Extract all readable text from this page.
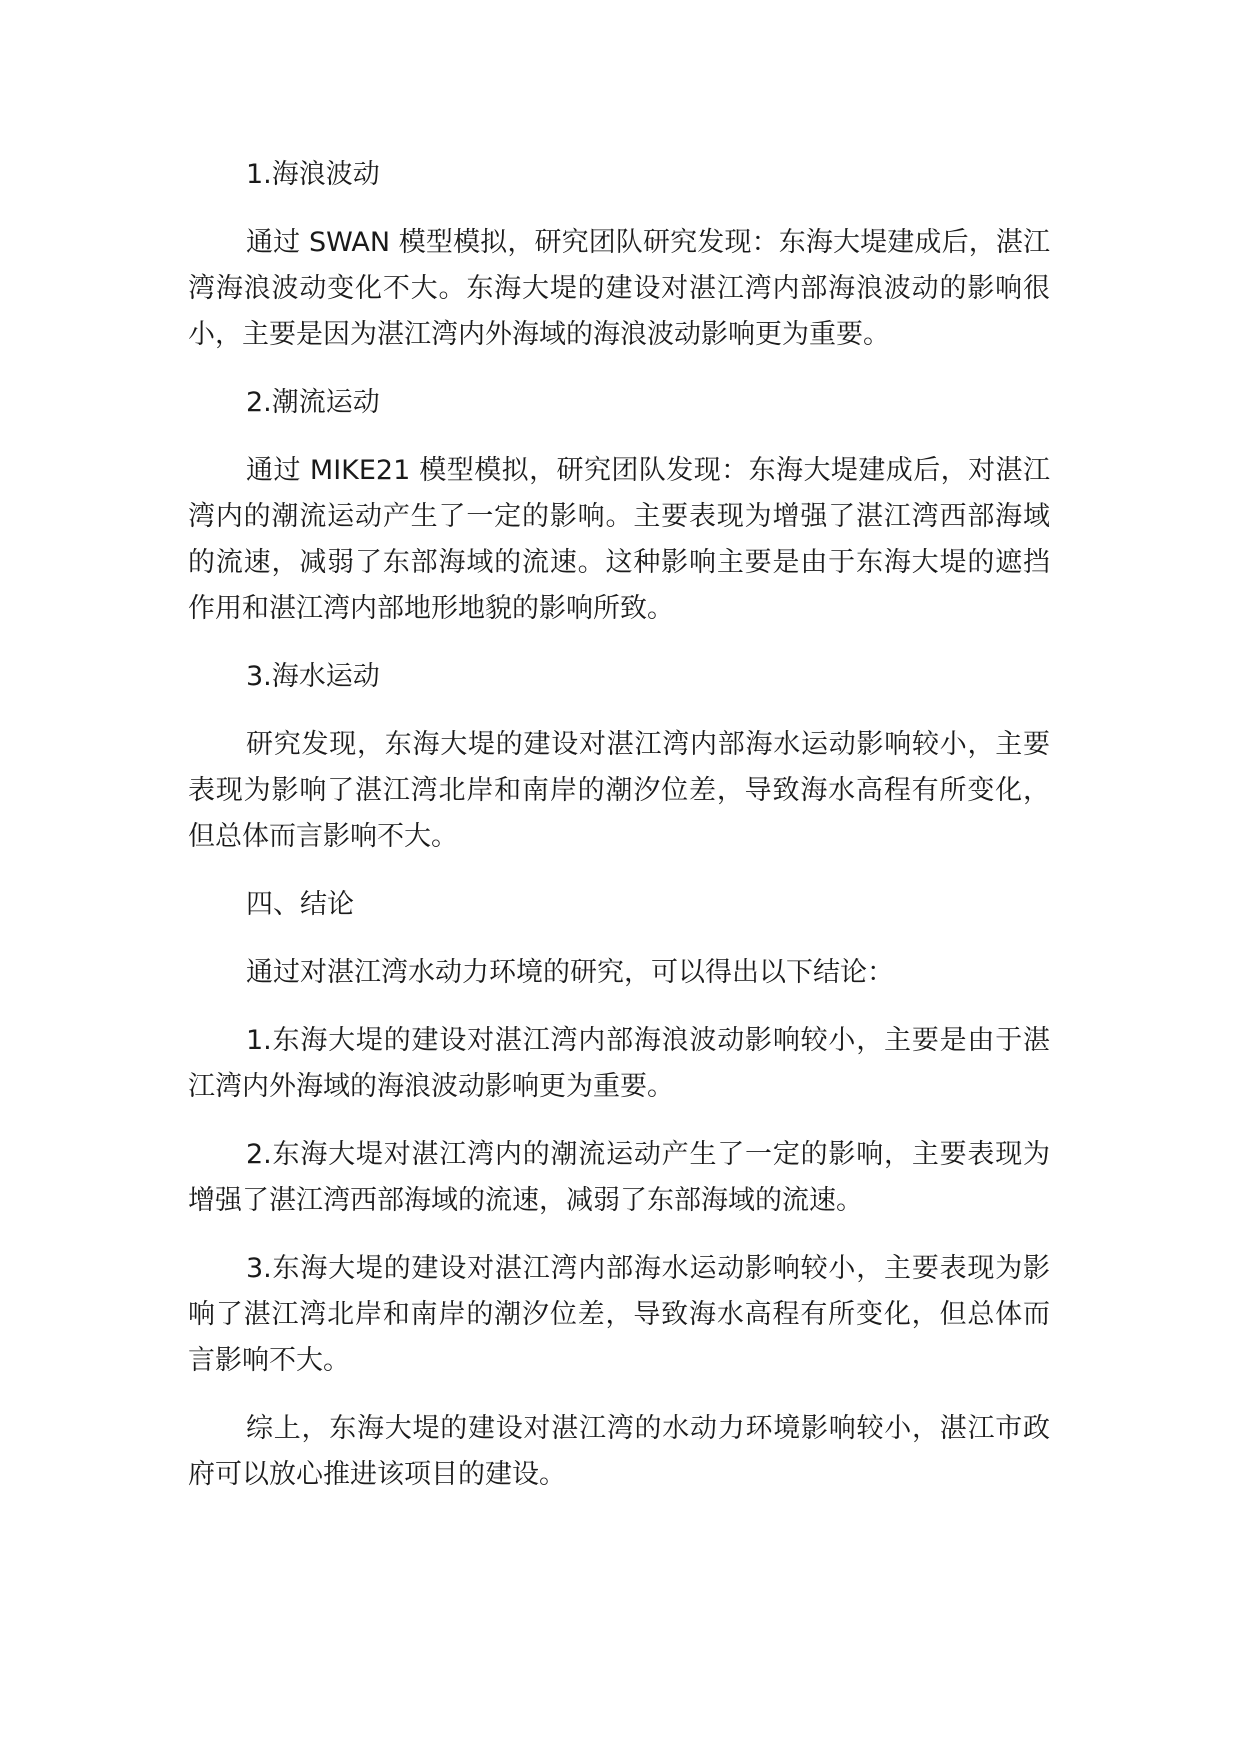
1.海浪波动

通过 SWAN 模型模拟，研究团队研究发现：东海大堤建成后，湛江湾海浪波动变化不大。东海大堤的建设对湛江湾内部海浪波动的影响很小，主要是因为湛江湾内外海域的海浪波动影响更为重要。

2.潮流运动

通过 MIKE21 模型模拟，研究团队发现：东海大堤建成后，对湛江湾内的潮流运动产生了一定的影响。主要表现为增强了湛江湾西部海域的流速，减弱了东部海域的流速。这种影响主要是由于东海大堤的遮挡作用和湛江湾内部地形地貌的影响所致。

3.海水运动

研究发现，东海大堤的建设对湛江湾内部海水运动影响较小，主要表现为影响了湛江湾北岸和南岸的潮汐位差，导致海水高程有所变化，但总体而言影响不大。

四、结论

通过对湛江湾水动力环境的研究，可以得出以下结论：

1.东海大堤的建设对湛江湾内部海浪波动影响较小，主要是由于湛江湾内外海域的海浪波动影响更为重要。

2.东海大堤对湛江湾内的潮流运动产生了一定的影响，主要表现为增强了湛江湾西部海域的流速，减弱了东部海域的流速。

3.东海大堤的建设对湛江湾内部海水运动影响较小，主要表现为影响了湛江湾北岸和南岸的潮汐位差，导致海水高程有所变化，但总体而言影响不大。

综上，东海大堤的建设对湛江湾的水动力环境影响较小，湛江市政府可以放心推进该项目的建设。
